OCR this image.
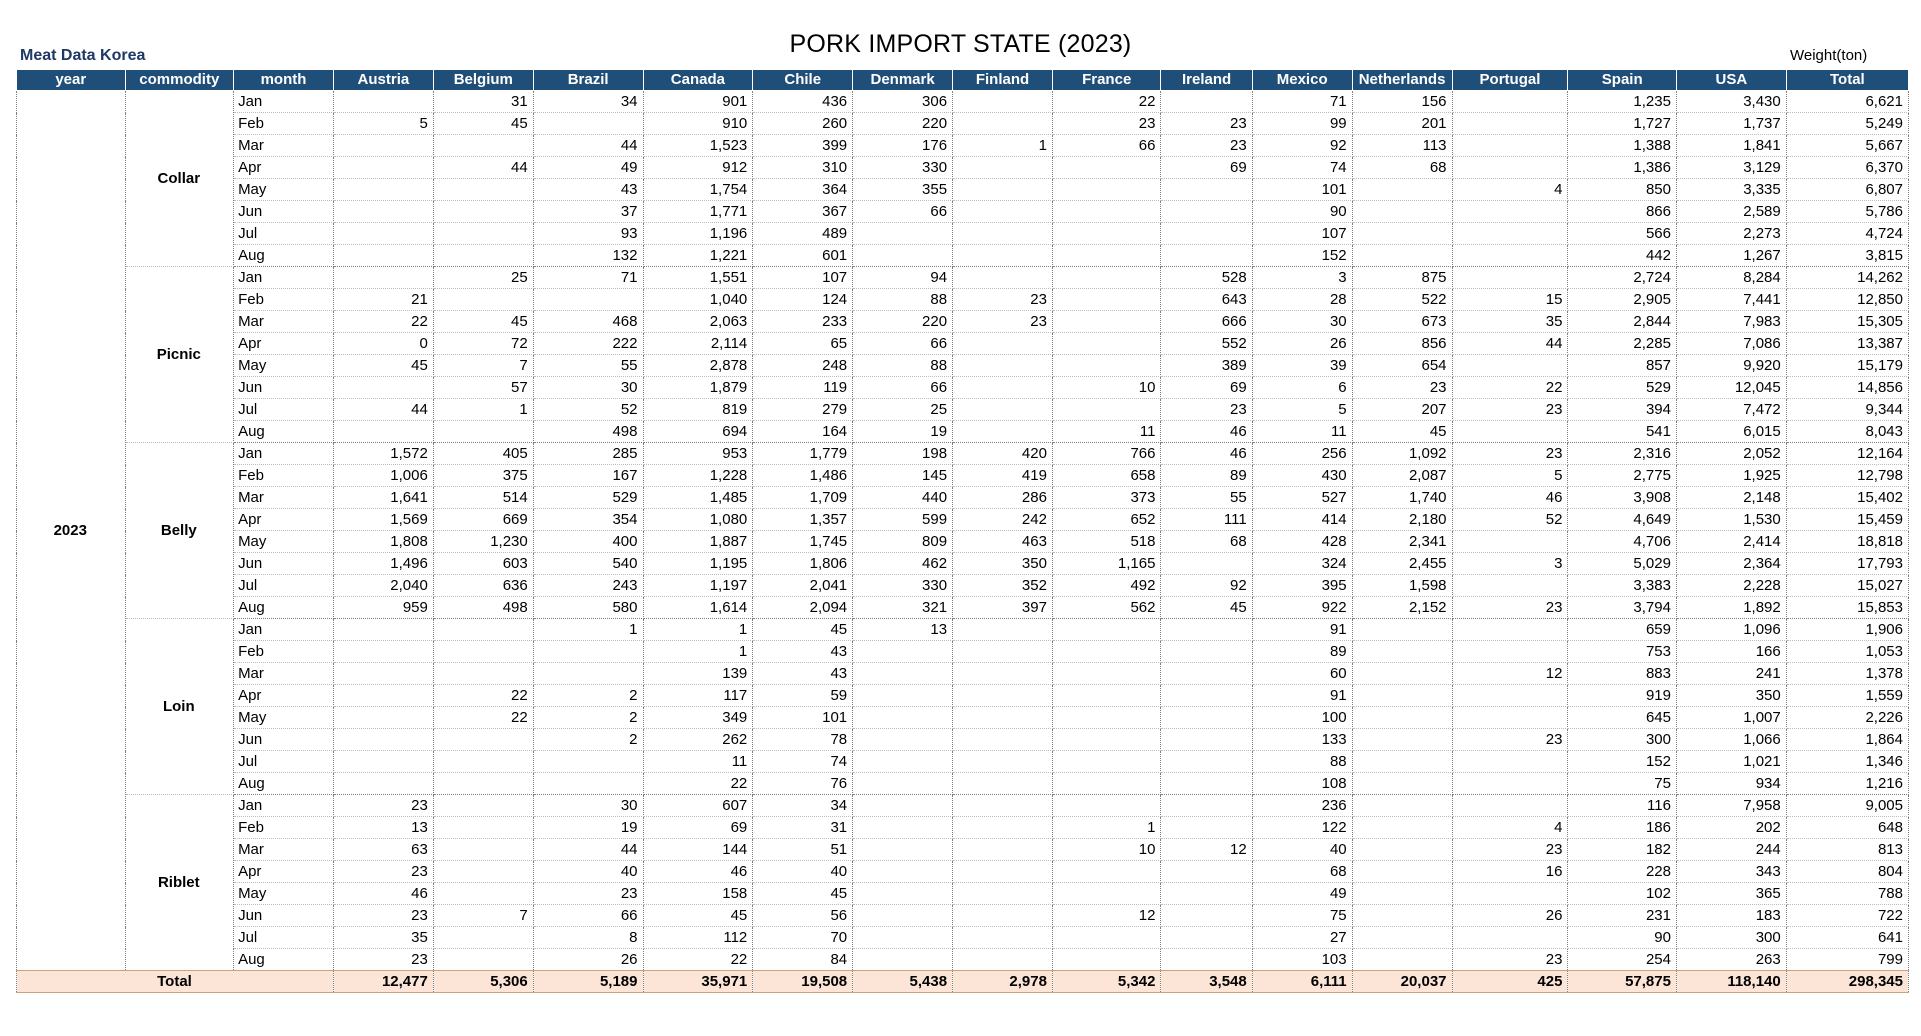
PORK IMPORT STATE (2023)
Meat Data Korea	Weight(ton)
year	commodity	month	Austria	Belgium	Brazil	Canada	Chile	Denmark	Finland	France	Ireland	Mexico	Netherlands	Portugal	Spain	USA	Total
2023	Collar	Jan		31	34	901	436	306		22		71	156		1,235	3,430	6,621
		Feb	5	45		910	260	220		23	23	99	201		1,727	1,737	5,249
		Mar			44	1,523	399	176	1	66	23	92	113		1,388	1,841	5,667
		Apr		44	49	912	310	330			69	74	68		1,386	3,129	6,370
		May			43	1,754	364	355				101		4	850	3,335	6,807
		Jun			37	1,771	367	66				90			866	2,589	5,786
		Jul			93	1,196	489					107			566	2,273	4,724
		Aug			132	1,221	601					152			442	1,267	3,815
	Picnic	Jan		25	71	1,551	107	94			528	3	875		2,724	8,284	14,262
		Feb	21			1,040	124	88	23		643	28	522	15	2,905	7,441	12,850
		Mar	22	45	468	2,063	233	220	23		666	30	673	35	2,844	7,983	15,305
		Apr	0	72	222	2,114	65	66			552	26	856	44	2,285	7,086	13,387
		May	45	7	55	2,878	248	88			389	39	654		857	9,920	15,179
		Jun		57	30	1,879	119	66		10	69	6	23	22	529	12,045	14,856
		Jul	44	1	52	819	279	25			23	5	207	23	394	7,472	9,344
		Aug			498	694	164	19		11	46	11	45		541	6,015	8,043
	Belly	Jan	1,572	405	285	953	1,779	198	420	766	46	256	1,092	23	2,316	2,052	12,164
		Feb	1,006	375	167	1,228	1,486	145	419	658	89	430	2,087	5	2,775	1,925	12,798
		Mar	1,641	514	529	1,485	1,709	440	286	373	55	527	1,740	46	3,908	2,148	15,402
		Apr	1,569	669	354	1,080	1,357	599	242	652	111	414	2,180	52	4,649	1,530	15,459
		May	1,808	1,230	400	1,887	1,745	809	463	518	68	428	2,341		4,706	2,414	18,818
		Jun	1,496	603	540	1,195	1,806	462	350	1,165		324	2,455	3	5,029	2,364	17,793
		Jul	2,040	636	243	1,197	2,041	330	352	492	92	395	1,598		3,383	2,228	15,027
		Aug	959	498	580	1,614	2,094	321	397	562	45	922	2,152	23	3,794	1,892	15,853
	Loin	Jan			1	1	45	13				91			659	1,096	1,906
		Feb				1	43					89			753	166	1,053
		Mar				139	43					60		12	883	241	1,378
		Apr		22	2	117	59					91			919	350	1,559
		May		22	2	349	101					100			645	1,007	2,226
		Jun			2	262	78					133		23	300	1,066	1,864
		Jul				11	74					88			152	1,021	1,346
		Aug				22	76					108			75	934	1,216
	Riblet	Jan	23		30	607	34					236			116	7,958	9,005
		Feb	13		19	69	31			1		122		4	186	202	648
		Mar	63		44	144	51			10	12	40		23	182	244	813
		Apr	23		40	46	40					68		16	228	343	804
		May	46		23	158	45					49			102	365	788
		Jun	23	7	66	45	56			12		75		26	231	183	722
		Jul	35		8	112	70					27			90	300	641
		Aug	23		26	22	84					103		23	254	263	799
Total			12,477	5,306	5,189	35,971	19,508	5,438	2,978	5,342	3,548	6,111	20,037	425	57,875	118,140	298,345
